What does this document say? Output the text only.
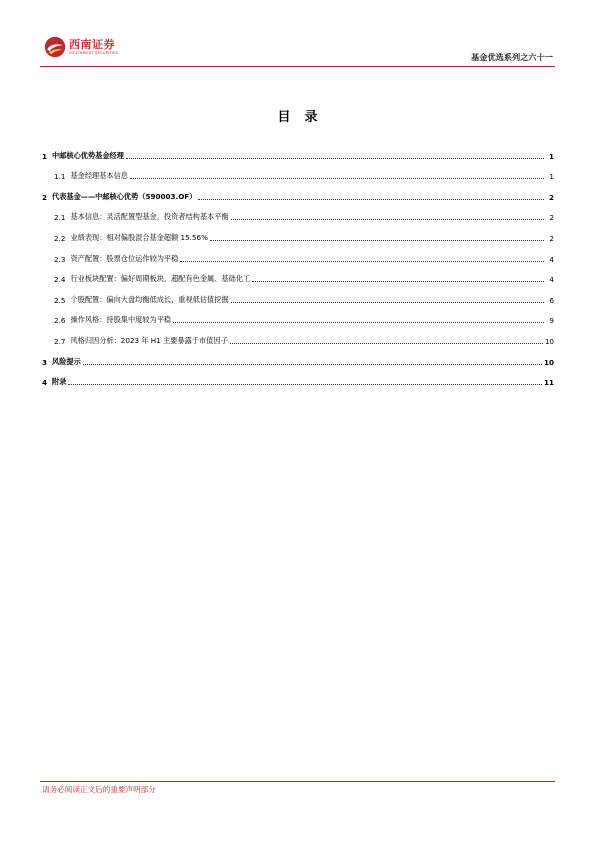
西南证券
SOUTHWEST SECURITIES	基金优选系列之六十一
目录
1 中邮核心优势基金经理	1
1.1 基金经理基本信息	1
2 代表基金——中邮核心优势（590003.OF）	2
2.1 基本信息：灵活配置型基金，投资者结构基本平衡	2
2.2 业绩表现：相对偏股混合基金超额 15.56%	2
2.3 资产配置：股票仓位运作较为平稳	4
2.4 行业板块配置：偏好周期板块，超配有色金属、基础化工	4
2.5 个股配置：偏向大盘均衡低成长，重视低估值挖掘	6
2.6 操作风格：持股集中度较为平稳	9
2.7 风格归因分析：2023 年 H1 主要暴露于市值因子	10
3 风险提示	10
4 附录	11
请务必阅读正文后的重要声明部分
